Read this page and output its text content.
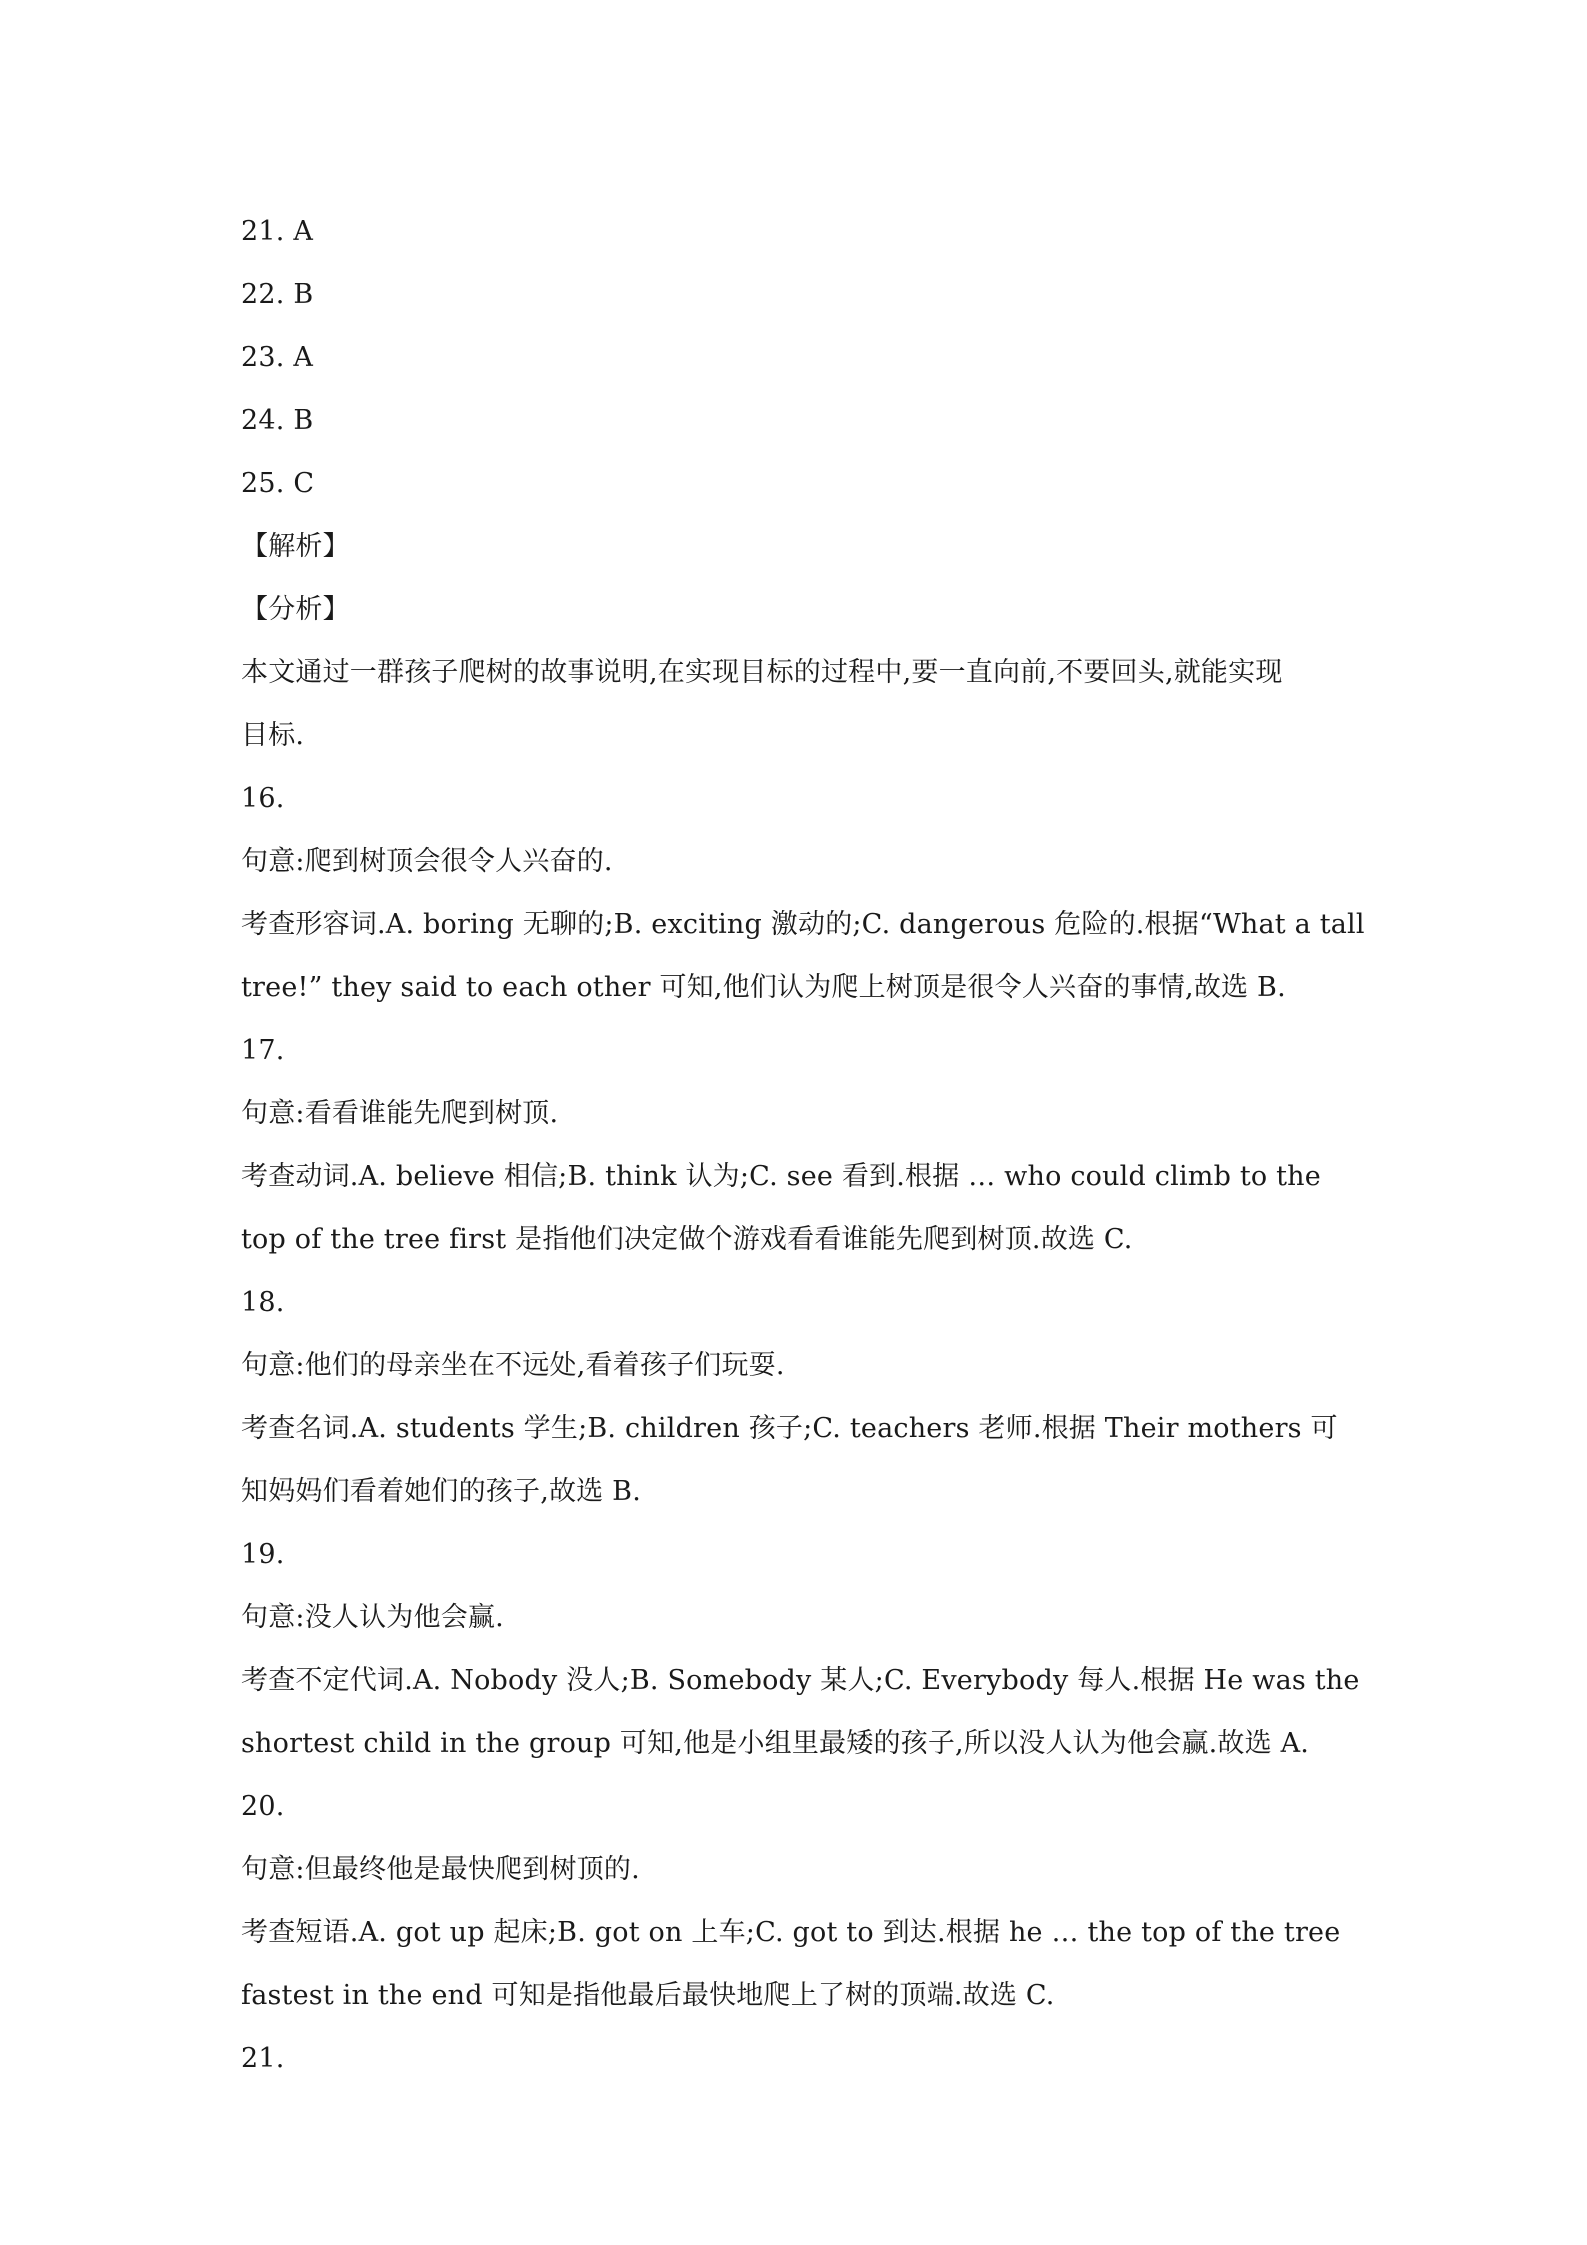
21. A
22. B
23. A
24. B
25. C
【解析】
【分析】
本文通过一群孩子爬树的故事说明,在实现目标的过程中,要一直向前,不要回头,就能实现
目标.
16.
句意:爬到树顶会很令人兴奋的.
考查形容词.A. boring 无聊的;B. exciting 激动的;C. dangerous 危险的.根据“What a tall
tree!” they said to each other 可知,他们认为爬上树顶是很令人兴奋的事情,故选 B.
17.
句意:看看谁能先爬到树顶.
考查动词.A. believe 相信;B. think 认为;C. see 看到.根据 … who could climb to the
top of the tree first 是指他们决定做个游戏看看谁能先爬到树顶.故选 C.
18.
句意:他们的母亲坐在不远处,看着孩子们玩耍.
考查名词.A. students 学生;B. children 孩子;C. teachers 老师.根据 Their mothers 可
知妈妈们看着她们的孩子,故选 B.
19.
句意:没人认为他会赢.
考查不定代词.A. Nobody 没人;B. Somebody 某人;C. Everybody 每人.根据 He was the
shortest child in the group 可知,他是小组里最矮的孩子,所以没人认为他会赢.故选 A.
20.
句意:但最终他是最快爬到树顶的.
考查短语.A. got up 起床;B. got on 上车;C. got to 到达.根据 he … the top of the tree
fastest in the end 可知是指他最后最快地爬上了树的顶端.故选 C.
21.
